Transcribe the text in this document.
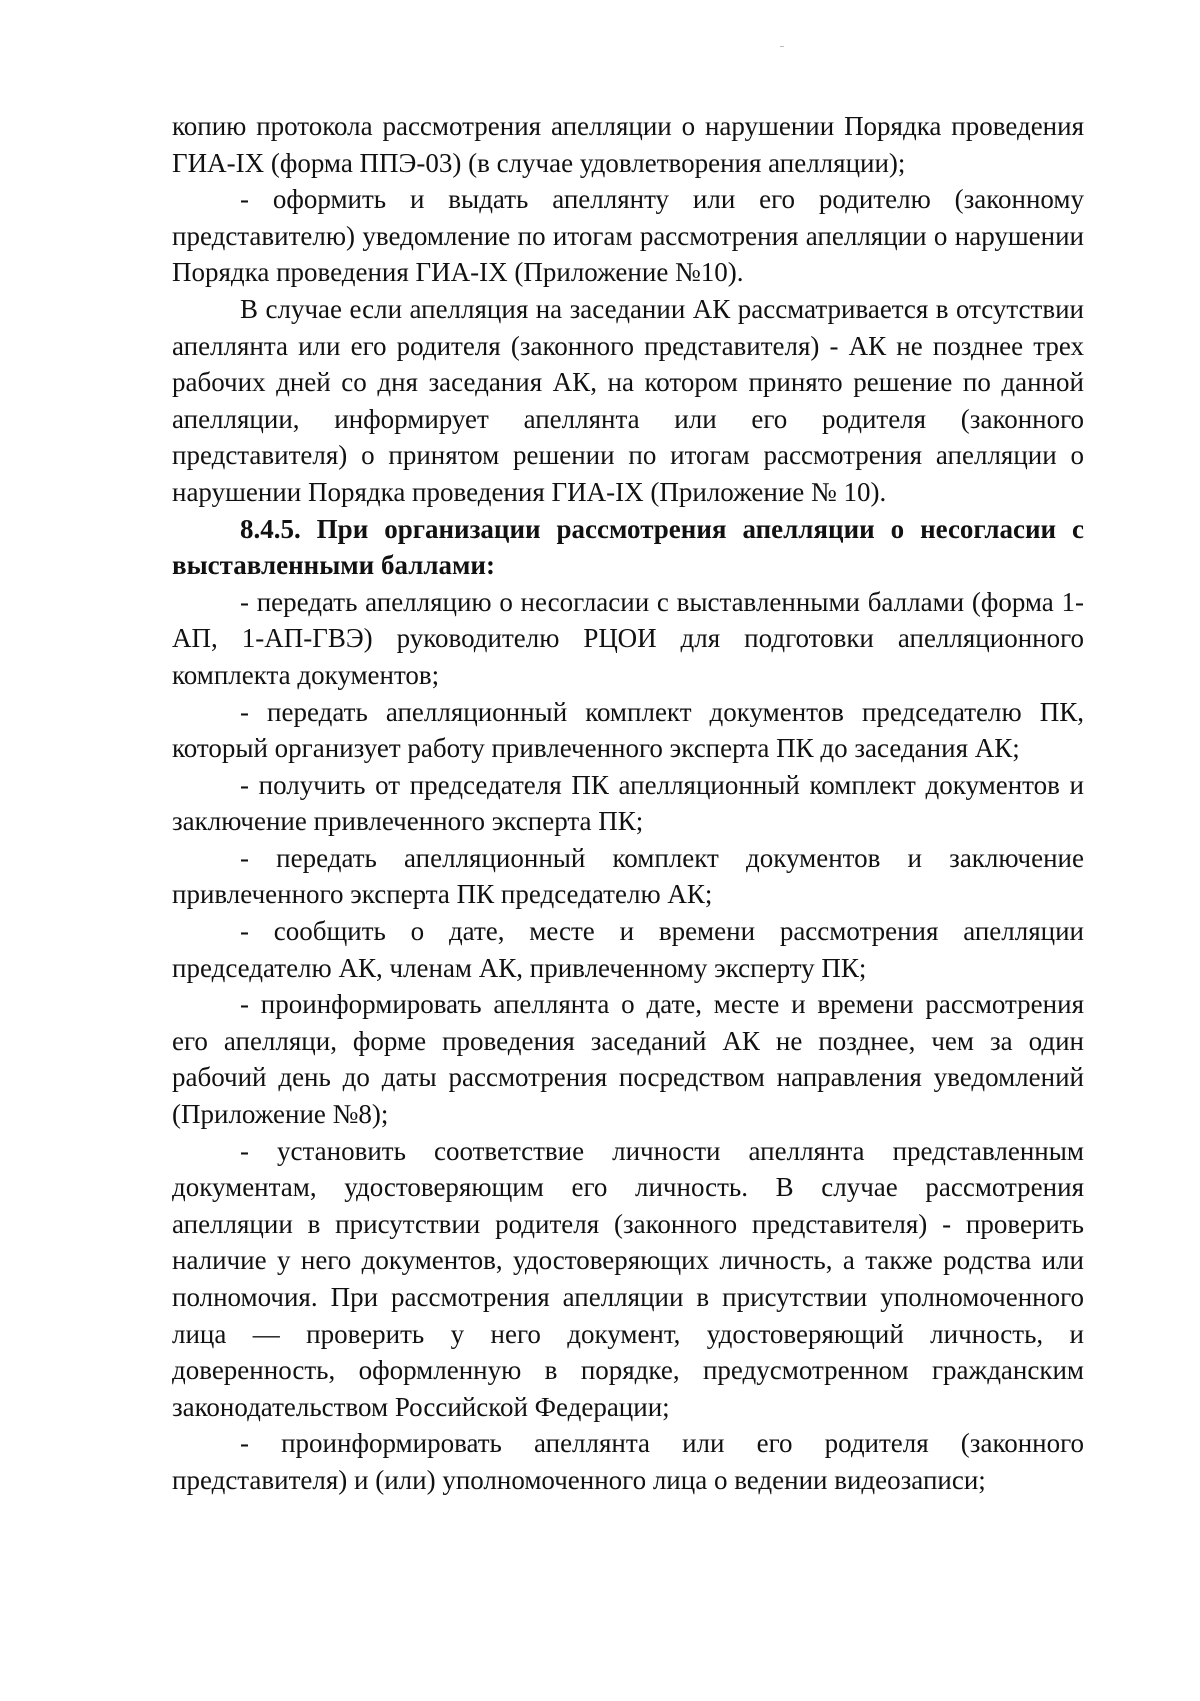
копию протокола рассмотрения апелляции о нарушении Порядка проведения ГИА-IX (форма ППЭ-03) (в случае удовлетворения апелляции);

- оформить и выдать апеллянту или его родителю (законному представителю) уведомление по итогам рассмотрения апелляции о нарушении Порядка проведения ГИА-IX (Приложение №10).

В случае если апелляция на заседании АК рассматривается в отсутствии апеллянта или его родителя (законного представителя) - АК не позднее трех рабочих дней со дня заседания АК, на котором принято решение по данной апелляции, информирует апеллянта или его родителя (законного представителя) о принятом решении по итогам рассмотрения апелляции о нарушении Порядка проведения ГИА-IX (Приложение № 10).

8.4.5. При организации рассмотрения апелляции о несогласии с выставленными баллами:

- передать апелляцию о несогласии с выставленными баллами (форма 1-АП, 1-АП-ГВЭ) руководителю РЦОИ для подготовки апелляционного комплекта документов;

- передать апелляционный комплект документов председателю ПК, который организует работу привлеченного эксперта ПК до заседания АК;

- получить от председателя ПК апелляционный комплект документов и заключение привлеченного эксперта ПК;

- передать апелляционный комплект документов и заключение привлеченного эксперта ПК председателю АК;

- сообщить о дате, месте и времени рассмотрения апелляции председателю АК, членам АК, привлеченному эксперту ПК;

- проинформировать апеллянта о дате, месте и времени рассмотрения его апелляци, форме проведения заседаний АК не позднее, чем за один рабочий день до даты рассмотрения посредством направления уведомлений (Приложение №8);

- установить соответствие личности апеллянта представленным документам, удостоверяющим его личность. В случае рассмотрения апелляции в присутствии родителя (законного представителя) - проверить наличие у него документов, удостоверяющих личность, а также родства или полномочия. При рассмотрения апелляции в присутствии уполномоченного лица — проверить у него документ, удостоверяющий личность, и доверенность, оформленную в порядке, предусмотренном гражданским законодательством Российской Федерации;

- проинформировать апеллянта или его родителя (законного представителя) и (или) уполномоченного лица о ведении видеозаписи;
